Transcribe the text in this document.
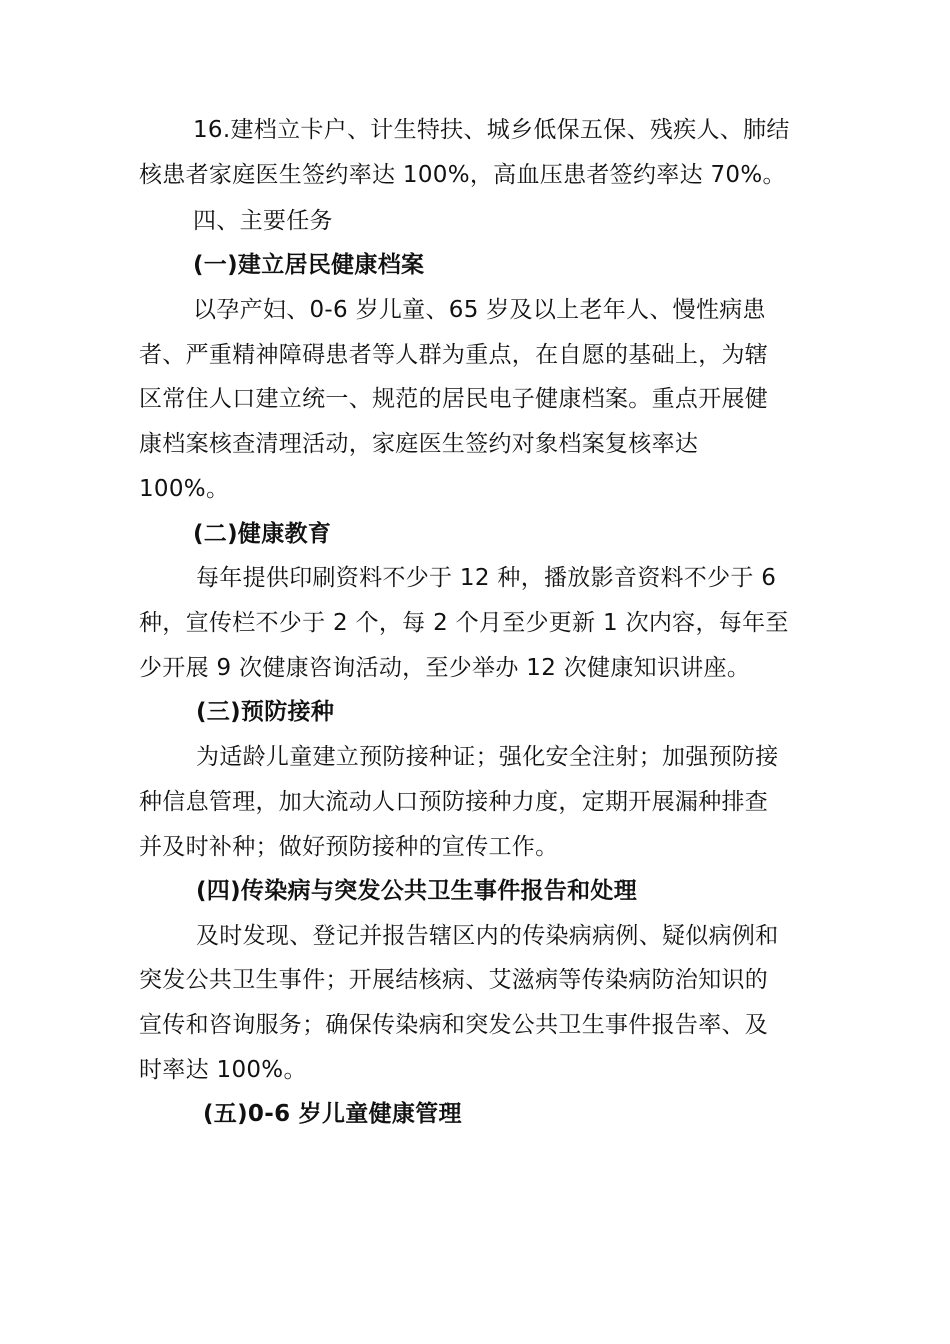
16.建档立卡户、计生特扶、城乡低保五保、残疾人、肺结
核患者家庭医生签约率达 100%，高血压患者签约率达 70%。
四、主要任务
(一)建立居民健康档案
以孕产妇、0-6 岁儿童、65 岁及以上老年人、慢性病患
者、严重精神障碍患者等人群为重点，在自愿的基础上，为辖
区常住人口建立统一、规范的居民电子健康档案。重点开展健
康档案核查清理活动，家庭医生签约对象档案复核率达
100%。
(二)健康教育
每年提供印刷资料不少于 12 种，播放影音资料不少于 6
种，宣传栏不少于 2 个，每 2 个月至少更新 1 次内容，每年至
少开展 9 次健康咨询活动，至少举办 12 次健康知识讲座。
(三)预防接种
为适龄儿童建立预防接种证；强化安全注射；加强预防接
种信息管理，加大流动人口预防接种力度，定期开展漏种排查
并及时补种；做好预防接种的宣传工作。
(四)传染病与突发公共卫生事件报告和处理
及时发现、登记并报告辖区内的传染病病例、疑似病例和
突发公共卫生事件；开展结核病、艾滋病等传染病防治知识的
宣传和咨询服务；确保传染病和突发公共卫生事件报告率、及
时率达 100%。
(五)0-6 岁儿童健康管理
